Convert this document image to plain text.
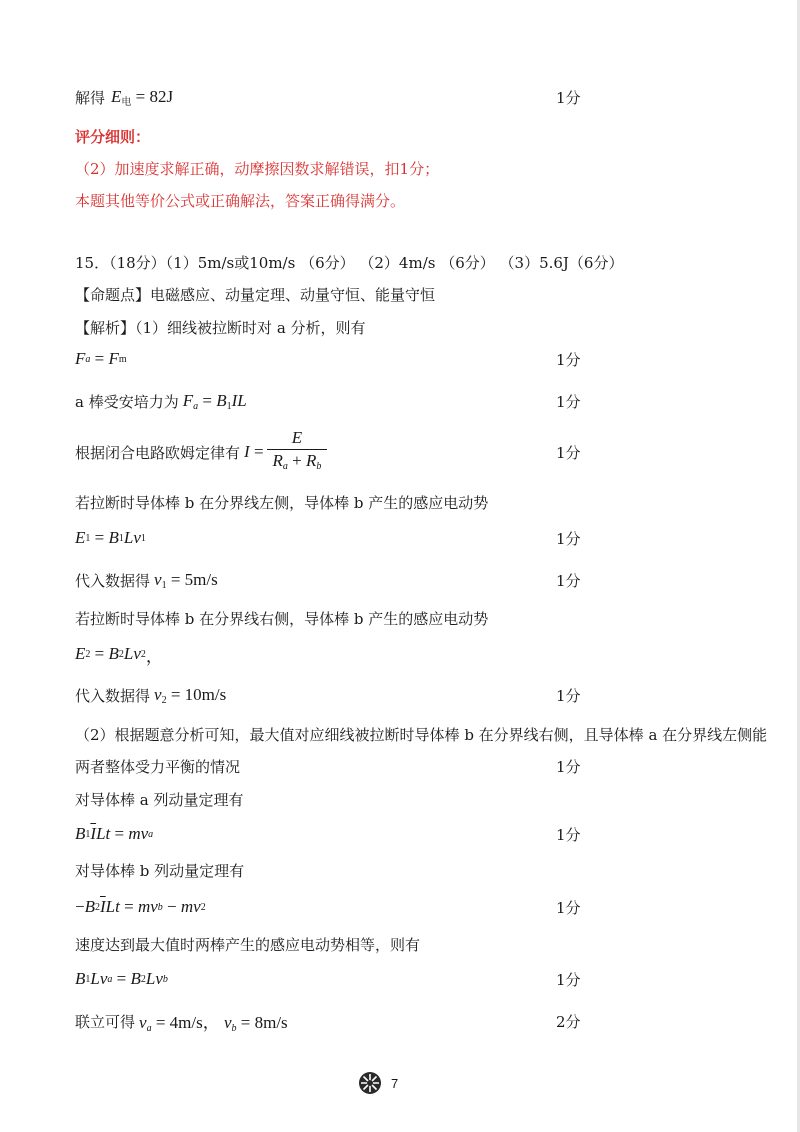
解得 $E_电 = 82J$	1分
评分细则：
（2）加速度求解正确，动摩擦因数求解错误，扣1分；
本题其他等价公式或正确解法，答案正确得满分。
15．（18分）（1）5m/s或10m/s （6分） （2）4m/s （6分） （3）5.6J（6分）
【命题点】电磁感应、动量定理、动量守恒、能量守恒
【解析】（1）细线被拉断时对 a 分析，则有
F a = F m	1分
a 棒受安培力为 $F_a = B_1IL$	1分
根据闭合电路欧姆定律有 $I = \frac{E}{R_a + R_b}$	1分
若拉断时导体棒 b 在分界线左侧，导体棒 b 产生的感应电动势
E 1 = B 1 Lv 1	1分
代入数据得 $v_1 = 5m/s$	1分
若拉断时导体棒 b 在分界线右侧，导体棒 b 产生的感应电动势
E 2 = B 2 Lv 2 ，
代入数据得 $v_2 = 10m/s$	1分
（2）根据题意分析可知，最大值对应细线被拉断时导体棒 b 在分界线右侧，且导体棒 a 在分界线左侧能
两者整体受力平衡的情况	1分
对导体棒 a 列动量定理有
B 1 $\overline{I}$ Lt = mv a	1分
对导体棒 b 列动量定理有
− B 2 $\overline{I}$ Lt = mv b − mv 2	1分
速度达到最大值时两棒产生的感应电动势相等，则有
B 1 Lv a = B 2 Lv b	1分
联立可得 $v_a = 4m/s$， $v_b = 8m/s$	2分
7
